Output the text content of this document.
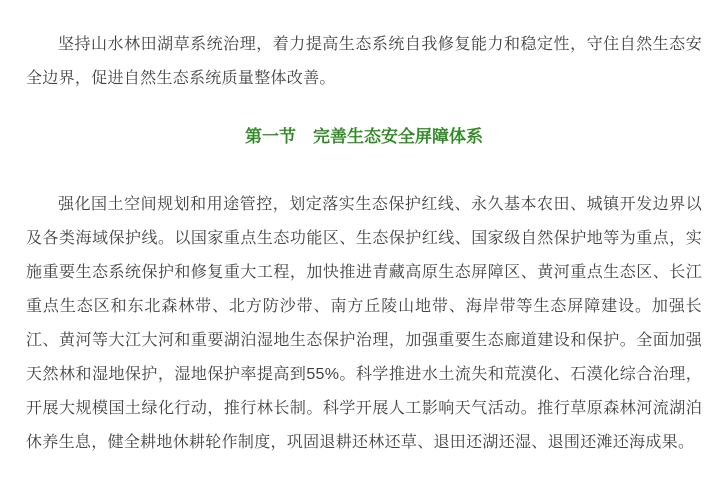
坚持山水林田湖草系统治理，着力提高生态系统自我修复能力和稳定性，守住自然生态安全边界，促进自然生态系统质量整体改善。

第一节　完善生态安全屏障体系

强化国土空间规划和用途管控，划定落实生态保护红线、永久基本农田、城镇开发边界以及各类海域保护线。以国家重点生态功能区、生态保护红线、国家级自然保护地等为重点，实施重要生态系统保护和修复重大工程，加快推进青藏高原生态屏障区、黄河重点生态区、长江重点生态区和东北森林带、北方防沙带、南方丘陵山地带、海岸带等生态屏障建设。加强长江、黄河等大江大河和重要湖泊湿地生态保护治理，加强重要生态廊道建设和保护。全面加强天然林和湿地保护，湿地保护率提高到55%。科学推进水土流失和荒漠化、石漠化综合治理，开展大规模国土绿化行动，推行林长制。科学开展人工影响天气活动。推行草原森林河流湖泊休养生息，健全耕地休耕轮作制度，巩固退耕还林还草、退田还湖还湿、退围还滩还海成果。
